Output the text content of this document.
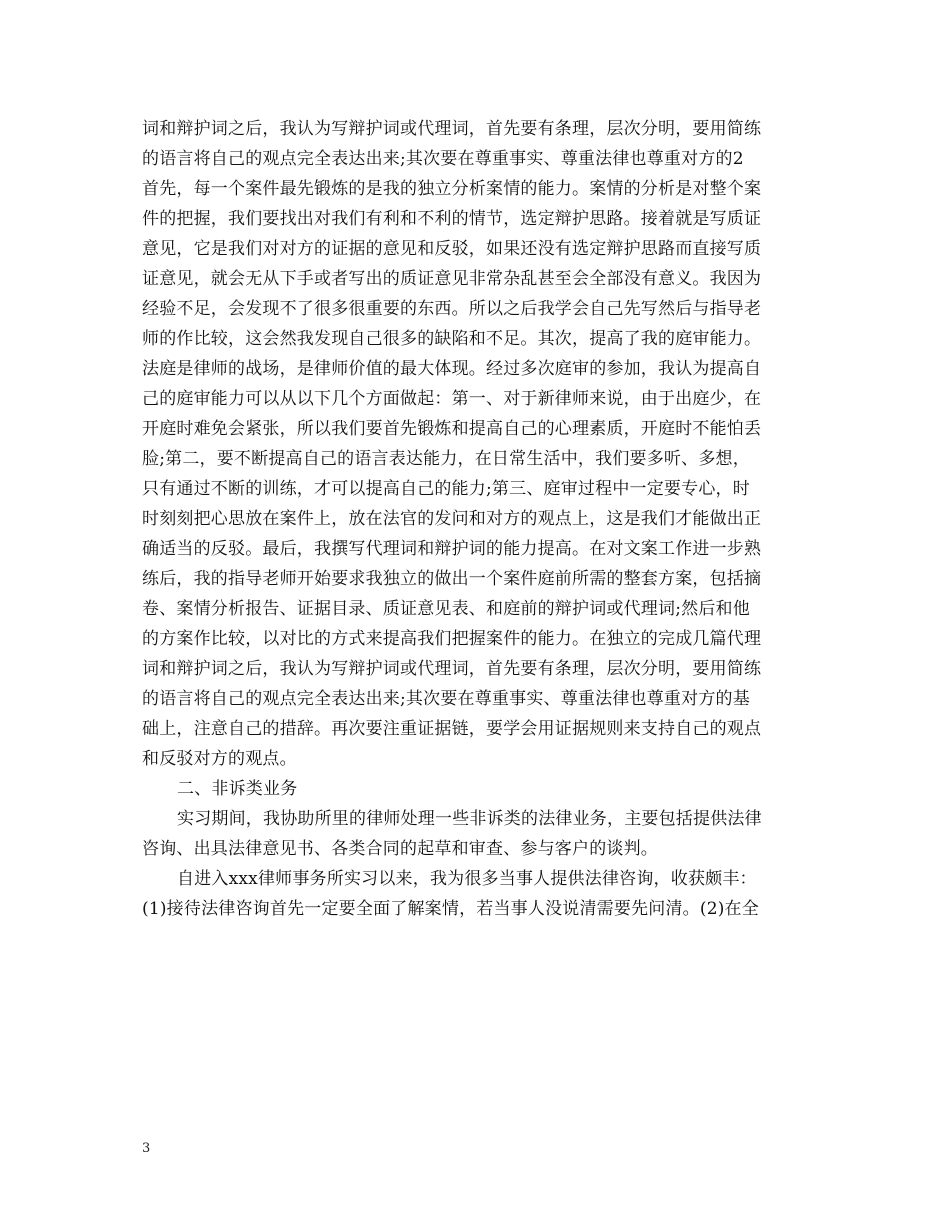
词和辩护词之后，我认为写辩护词或代理词，首先要有条理，层次分明，要用简练

的语言将自己的观点完全表达出来;其次要在尊重事实、尊重法律也尊重对方的2

首先，每一个案件最先锻炼的是我的独立分析案情的能力。案情的分析是对整个案

件的把握，我们要找出对我们有利和不利的情节，选定辩护思路。接着就是写质证

意见，它是我们对对方的证据的意见和反驳，如果还没有选定辩护思路而直接写质

证意见，就会无从下手或者写出的质证意见非常杂乱甚至会全部没有意义。我因为

经验不足，会发现不了很多很重要的东西。所以之后我学会自己先写然后与指导老

师的作比较，这会然我发现自己很多的缺陷和不足。其次，提高了我的庭审能力。

法庭是律师的战场，是律师价值的最大体现。经过多次庭审的参加，我认为提高自

己的庭审能力可以从以下几个方面做起：第一、对于新律师来说，由于出庭少，在

开庭时难免会紧张，所以我们要首先锻炼和提高自己的心理素质，开庭时不能怕丢

脸;第二，要不断提高自己的语言表达能力，在日常生活中，我们要多听、多想，

只有通过不断的训练，才可以提高自己的能力;第三、庭审过程中一定要专心，时

时刻刻把心思放在案件上，放在法官的发问和对方的观点上，这是我们才能做出正

确适当的反驳。最后，我撰写代理词和辩护词的能力提高。在对文案工作进一步熟

练后，我的指导老师开始要求我独立的做出一个案件庭前所需的整套方案，包括摘

卷、案情分析报告、证据目录、质证意见表、和庭前的辩护词或代理词;然后和他

的方案作比较，以对比的方式来提高我们把握案件的能力。在独立的完成几篇代理

词和辩护词之后，我认为写辩护词或代理词，首先要有条理，层次分明，要用简练

的语言将自己的观点完全表达出来;其次要在尊重事实、尊重法律也尊重对方的基

础上，注意自己的措辞。再次要注重证据链，要学会用证据规则来支持自己的观点

和反驳对方的观点。

二、非诉类业务

实习期间，我协助所里的律师处理一些非诉类的法律业务，主要包括提供法律

咨询、出具法律意见书、各类合同的起草和审查、参与客户的谈判。

自进入xxx律师事务所实习以来，我为很多当事人提供法律咨询，收获颇丰：

(1)接待法律咨询首先一定要全面了解案情，若当事人没说清需要先问清。(2)在全

3
